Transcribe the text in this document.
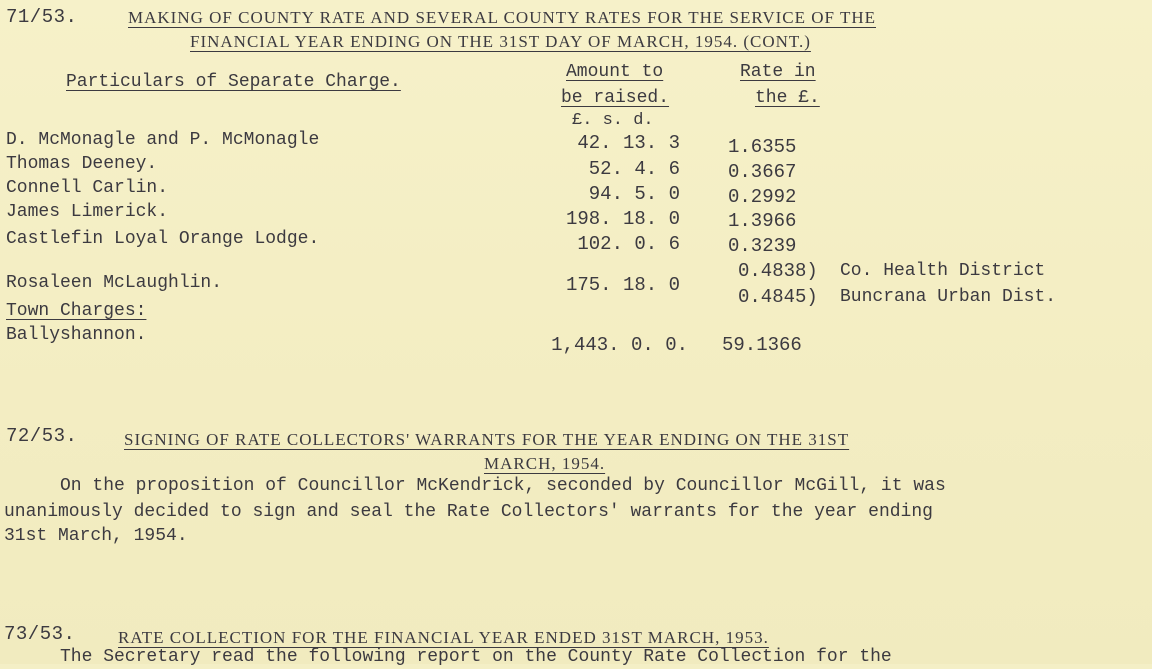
71/53.	MAKING OF COUNTY RATE AND SEVERAL COUNTY RATES FOR THE SERVICE OF THE
FINANCIAL YEAR ENDING ON THE 31ST DAY OF MARCH, 1954. (CONT.)
Particulars of Separate Charge.	Amount to
be raised.
£. s. d.
Rate in
the £.
D. McMonagle and P. McMonagle	42. 13. 3	1.6355
Thomas Deeney.	52. 4. 6	0.3667
Connell Carlin.	94. 5. 0	0.2992
James Limerick.	198. 18. 0	1.3966
Castlefin Loyal Orange Lodge.	102. 0. 6	0.3239
Rosaleen McLaughlin.	175. 18. 0
0.4838) Co. Health District
0.4845) Buncrana Urban Dist.
Town Charges:
Ballyshannon.	1,443. 0. 0. 59.1366
72/53.	SIGNING OF RATE COLLECTORS' WARRANTS FOR THE YEAR ENDING ON THE 31ST
MARCH, 1954.
On the proposition of Councillor McKendrick, seconded by Councillor McGill, it was
unanimously decided to sign and seal the Rate Collectors' warrants for the year ending
31st March, 1954.
73/53.	RATE COLLECTION FOR THE FINANCIAL YEAR ENDED 31ST MARCH, 1953.
The Secretary read the following report on the County Rate Collection for the
